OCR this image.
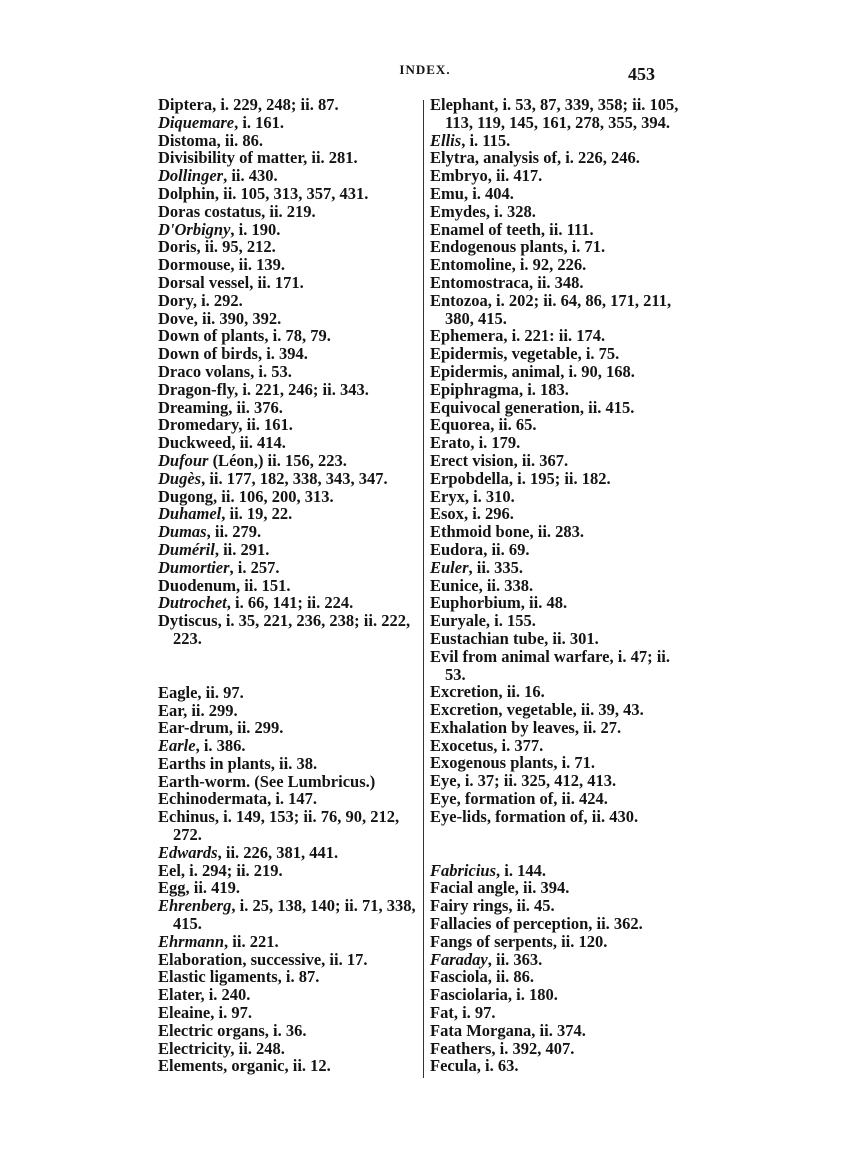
INDEX.	453
Diptera, i. 229, 248; ii. 87.
Diquemare, i. 161.
Distoma, ii. 86.
Divisibility of matter, ii. 281.
Dollinger, ii. 430.
Dolphin, ii. 105, 313, 357, 431.
Doras costatus, ii. 219.
D'Orbigny, i. 190.
Doris, ii. 95, 212.
Dormouse, ii. 139.
Dorsal vessel, ii. 171.
Dory, i. 292.
Dove, ii. 390, 392.
Down of plants, i. 78, 79.
Down of birds, i. 394.
Draco volans, i. 53.
Dragon-fly, i. 221, 246; ii. 343.
Dreaming, ii. 376.
Dromedary, ii. 161.
Duckweed, ii. 414.
Dufour (Léon,) ii. 156, 223.
Dugès, ii. 177, 182, 338, 343, 347.
Dugong, ii. 106, 200, 313.
Duhamel, ii. 19, 22.
Dumas, ii. 279.
Duméril, ii. 291.
Dumortier, i. 257.
Duodenum, ii. 151.
Dutrochet, i. 66, 141; ii. 224.
Dytiscus, i. 35, 221, 236, 238; ii. 222, 223.
Eagle, ii. 97.
Ear, ii. 299.
Ear-drum, ii. 299.
Earle, i. 386.
Earths in plants, ii. 38.
Earth-worm. (See Lumbricus.)
Echinodermata, i. 147.
Echinus, i. 149, 153; ii. 76, 90, 212, 272.
Edwards, ii. 226, 381, 441.
Eel, i. 294; ii. 219.
Egg, ii. 419.
Ehrenberg, i. 25, 138, 140; ii. 71, 338, 415.
Ehrmann, ii. 221.
Elaboration, successive, ii. 17.
Elastic ligaments, i. 87.
Elater, i. 240.
Eleaine, i. 97.
Electric organs, i. 36.
Electricity, ii. 248.
Elements, organic, ii. 12.
Elephant, i. 53, 87, 339, 358; ii. 105, 113, 119, 145, 161, 278, 355, 394.
Ellis, i. 115.
Elytra, analysis of, i. 226, 246.
Embryo, ii. 417.
Emu, i. 404.
Emydes, i. 328.
Enamel of teeth, ii. 111.
Endogenous plants, i. 71.
Entomoline, i. 92, 226.
Entomostraca, ii. 348.
Entozoa, i. 202; ii. 64, 86, 171, 211, 380, 415.
Ephemera, i. 221: ii. 174.
Epidermis, vegetable, i. 75.
Epidermis, animal, i. 90, 168.
Epiphragma, i. 183.
Equivocal generation, ii. 415.
Equorea, ii. 65.
Erato, i. 179.
Erect vision, ii. 367.
Erpobdella, i. 195; ii. 182.
Eryx, i. 310.
Esox, i. 296.
Ethmoid bone, ii. 283.
Eudora, ii. 69.
Euler, ii. 335.
Eunice, ii. 338.
Euphorbium, ii. 48.
Euryale, i. 155.
Eustachian tube, ii. 301.
Evil from animal warfare, i. 47; ii. 53.
Excretion, ii. 16.
Excretion, vegetable, ii. 39, 43.
Exhalation by leaves, ii. 27.
Exocetus, i. 377.
Exogenous plants, i. 71.
Eye, i. 37; ii. 325, 412, 413.
Eye, formation of, ii. 424.
Eye-lids, formation of, ii. 430.
Fabricius, i. 144.
Facial angle, ii. 394.
Fairy rings, ii. 45.
Fallacies of perception, ii. 362.
Fangs of serpents, ii. 120.
Faraday, ii. 363.
Fasciola, ii. 86.
Fasciolaria, i. 180.
Fat, i. 97.
Fata Morgana, ii. 374.
Feathers, i. 392, 407.
Fecula, i. 63.
